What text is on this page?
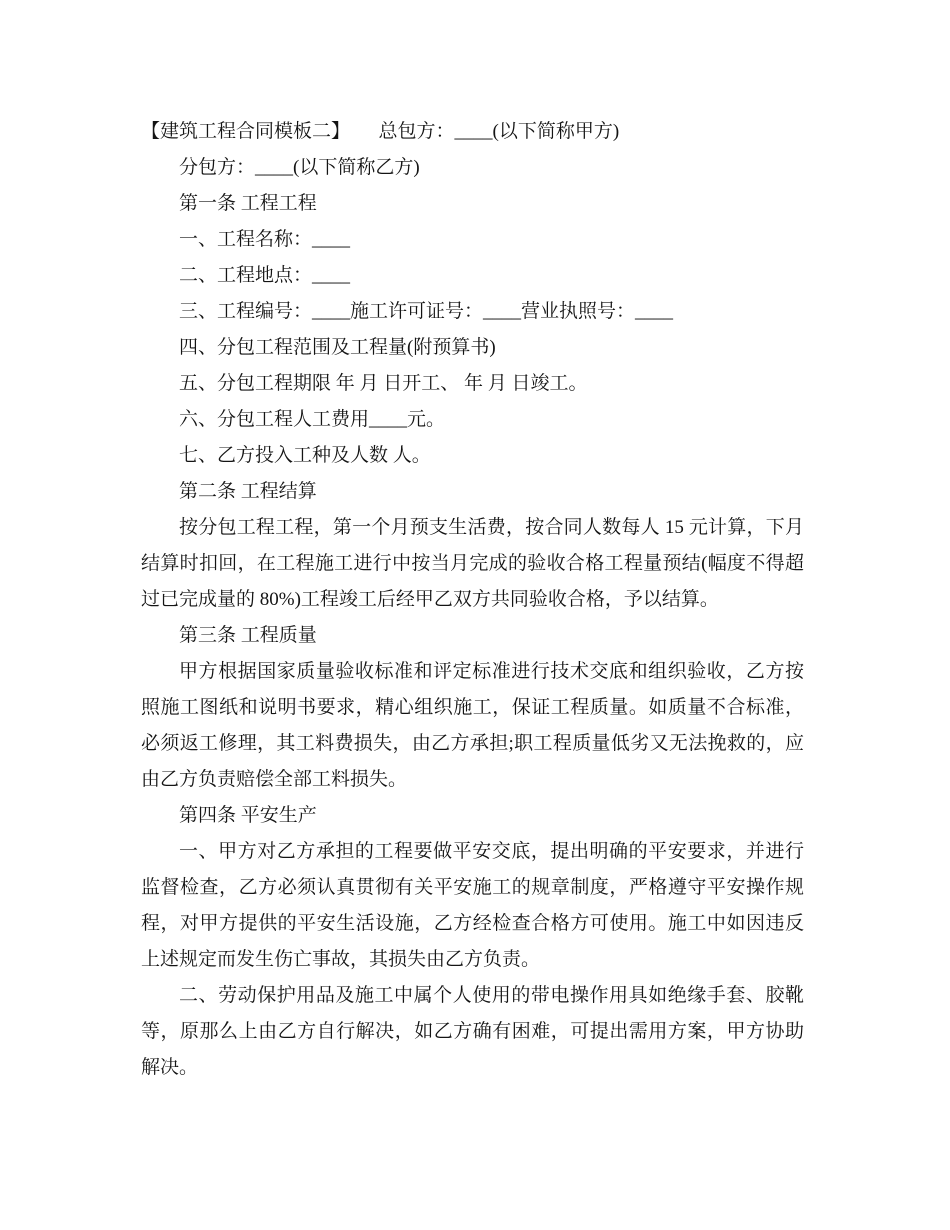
【建筑工程合同模板二】　　总包方：____(以下简称甲方)

分包方：____(以下简称乙方)

第一条 工程工程

一、工程名称：____

二、工程地点：____

三、工程编号：____施工许可证号：____营业执照号：____

四、分包工程范围及工程量(附预算书)

五、分包工程期限 年 月 日开工、 年 月 日竣工。

六、分包工程人工费用____元。

七、乙方投入工种及人数 人。

第二条 工程结算

按分包工程工程，第一个月预支生活费，按合同人数每人 15 元计算，下月结算时扣回，在工程施工进行中按当月完成的验收合格工程量预结(幅度不得超过已完成量的 80%)工程竣工后经甲乙双方共同验收合格，予以结算。

第三条 工程质量

甲方根据国家质量验收标准和评定标准进行技术交底和组织验收，乙方按照施工图纸和说明书要求，精心组织施工，保证工程质量。如质量不合标准，必须返工修理，其工料费损失，由乙方承担;职工程质量低劣又无法挽救的，应由乙方负责赔偿全部工料损失。

第四条 平安生产

一、甲方对乙方承担的工程要做平安交底，提出明确的平安要求，并进行监督检查，乙方必须认真贯彻有关平安施工的规章制度，严格遵守平安操作规程，对甲方提供的平安生活设施，乙方经检查合格方可使用。施工中如因违反上述规定而发生伤亡事故，其损失由乙方负责。

二、劳动保护用品及施工中属个人使用的带电操作用具如绝缘手套、胶靴等，原那么上由乙方自行解决，如乙方确有困难，可提出需用方案，甲方协助解决。
